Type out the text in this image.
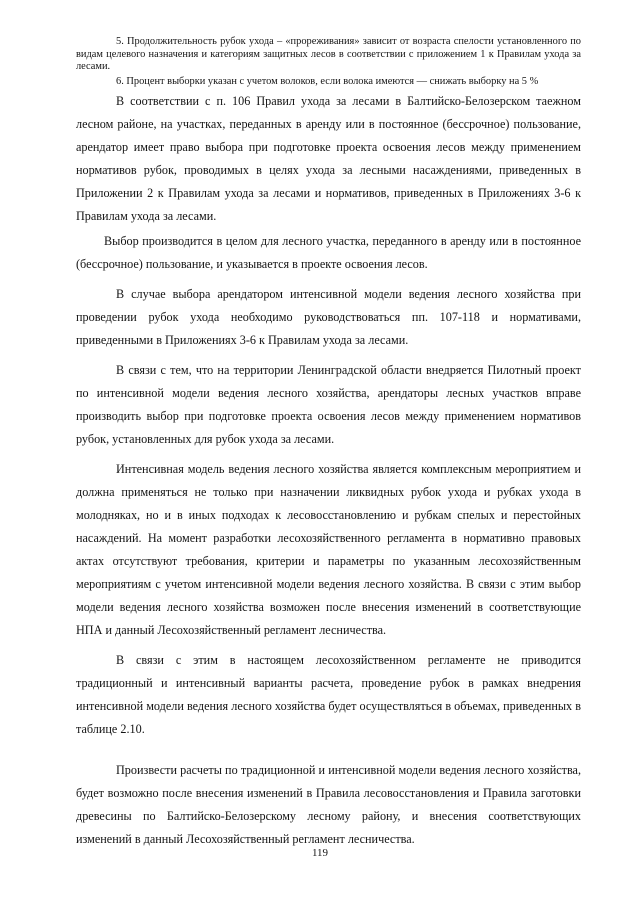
5. Продолжительность рубок ухода – «прореживания» зависит от возраста спелости установленного по видам целевого назначения и категориям защитных лесов в соответствии с приложением 1 к Правилам ухода за лесами.

6. Процент выборки указан с учетом волоков, если волока имеются — снижать выборку на 5 %

В соответствии с п. 106 Правил ухода за лесами в Балтийско-Белозерском таежном лесном районе, на участках, переданных в аренду или в постоянное (бессрочное) пользование, арендатор имеет право выбора при подготовке проекта освоения лесов между применением нормативов рубок, проводимых в целях ухода за лесными насаждениями, приведенных в Приложении 2 к Правилам ухода за лесами и нормативов, приведенных в Приложениях 3-6 к Правилам ухода за лесами.

Выбор производится в целом для лесного участка, переданного в аренду или в постоянное (бессрочное) пользование, и указывается в проекте освоения лесов.

В случае выбора арендатором интенсивной модели ведения лесного хозяйства при проведении рубок ухода необходимо руководствоваться пп. 107-118 и нормативами, приведенными в Приложениях 3-6 к Правилам ухода за лесами.

В связи с тем, что на территории Ленинградской области внедряется Пилотный проект по интенсивной модели ведения лесного хозяйства, арендаторы лесных участков вправе производить выбор при подготовке проекта освоения лесов между применением нормативов рубок, установленных для рубок ухода за лесами.

Интенсивная модель ведения лесного хозяйства является комплексным мероприятием и должна применяться не только при назначении ликвидных рубок ухода и рубках ухода в молодняках, но и в иных подходах к лесовосстановлению и рубкам спелых и перестойных насаждений. На момент разработки лесохозяйственного регламента в нормативно правовых актах отсутствуют требования, критерии и параметры по указанным лесохозяйственным мероприятиям с учетом интенсивной модели ведения лесного хозяйства. В связи с этим выбор модели ведения лесного хозяйства возможен после внесения изменений в соответствующие НПА и данный Лесохозяйственный регламент лесничества.

В связи с этим в настоящем лесохозяйственном регламенте не приводится традиционный и интенсивный варианты расчета, проведение рубок в рамках внедрения интенсивной модели ведения лесного хозяйства будет осуществляться в объемах, приведенных в таблице 2.10.

Произвести расчеты по традиционной и интенсивной модели ведения лесного хозяйства, будет возможно после внесения изменений в Правила лесовосстановления и Правила заготовки древесины по Балтийско-Белозерскому лесному району, и внесения соответствующих изменений в данный Лесохозяйственный регламент лесничества.

119
